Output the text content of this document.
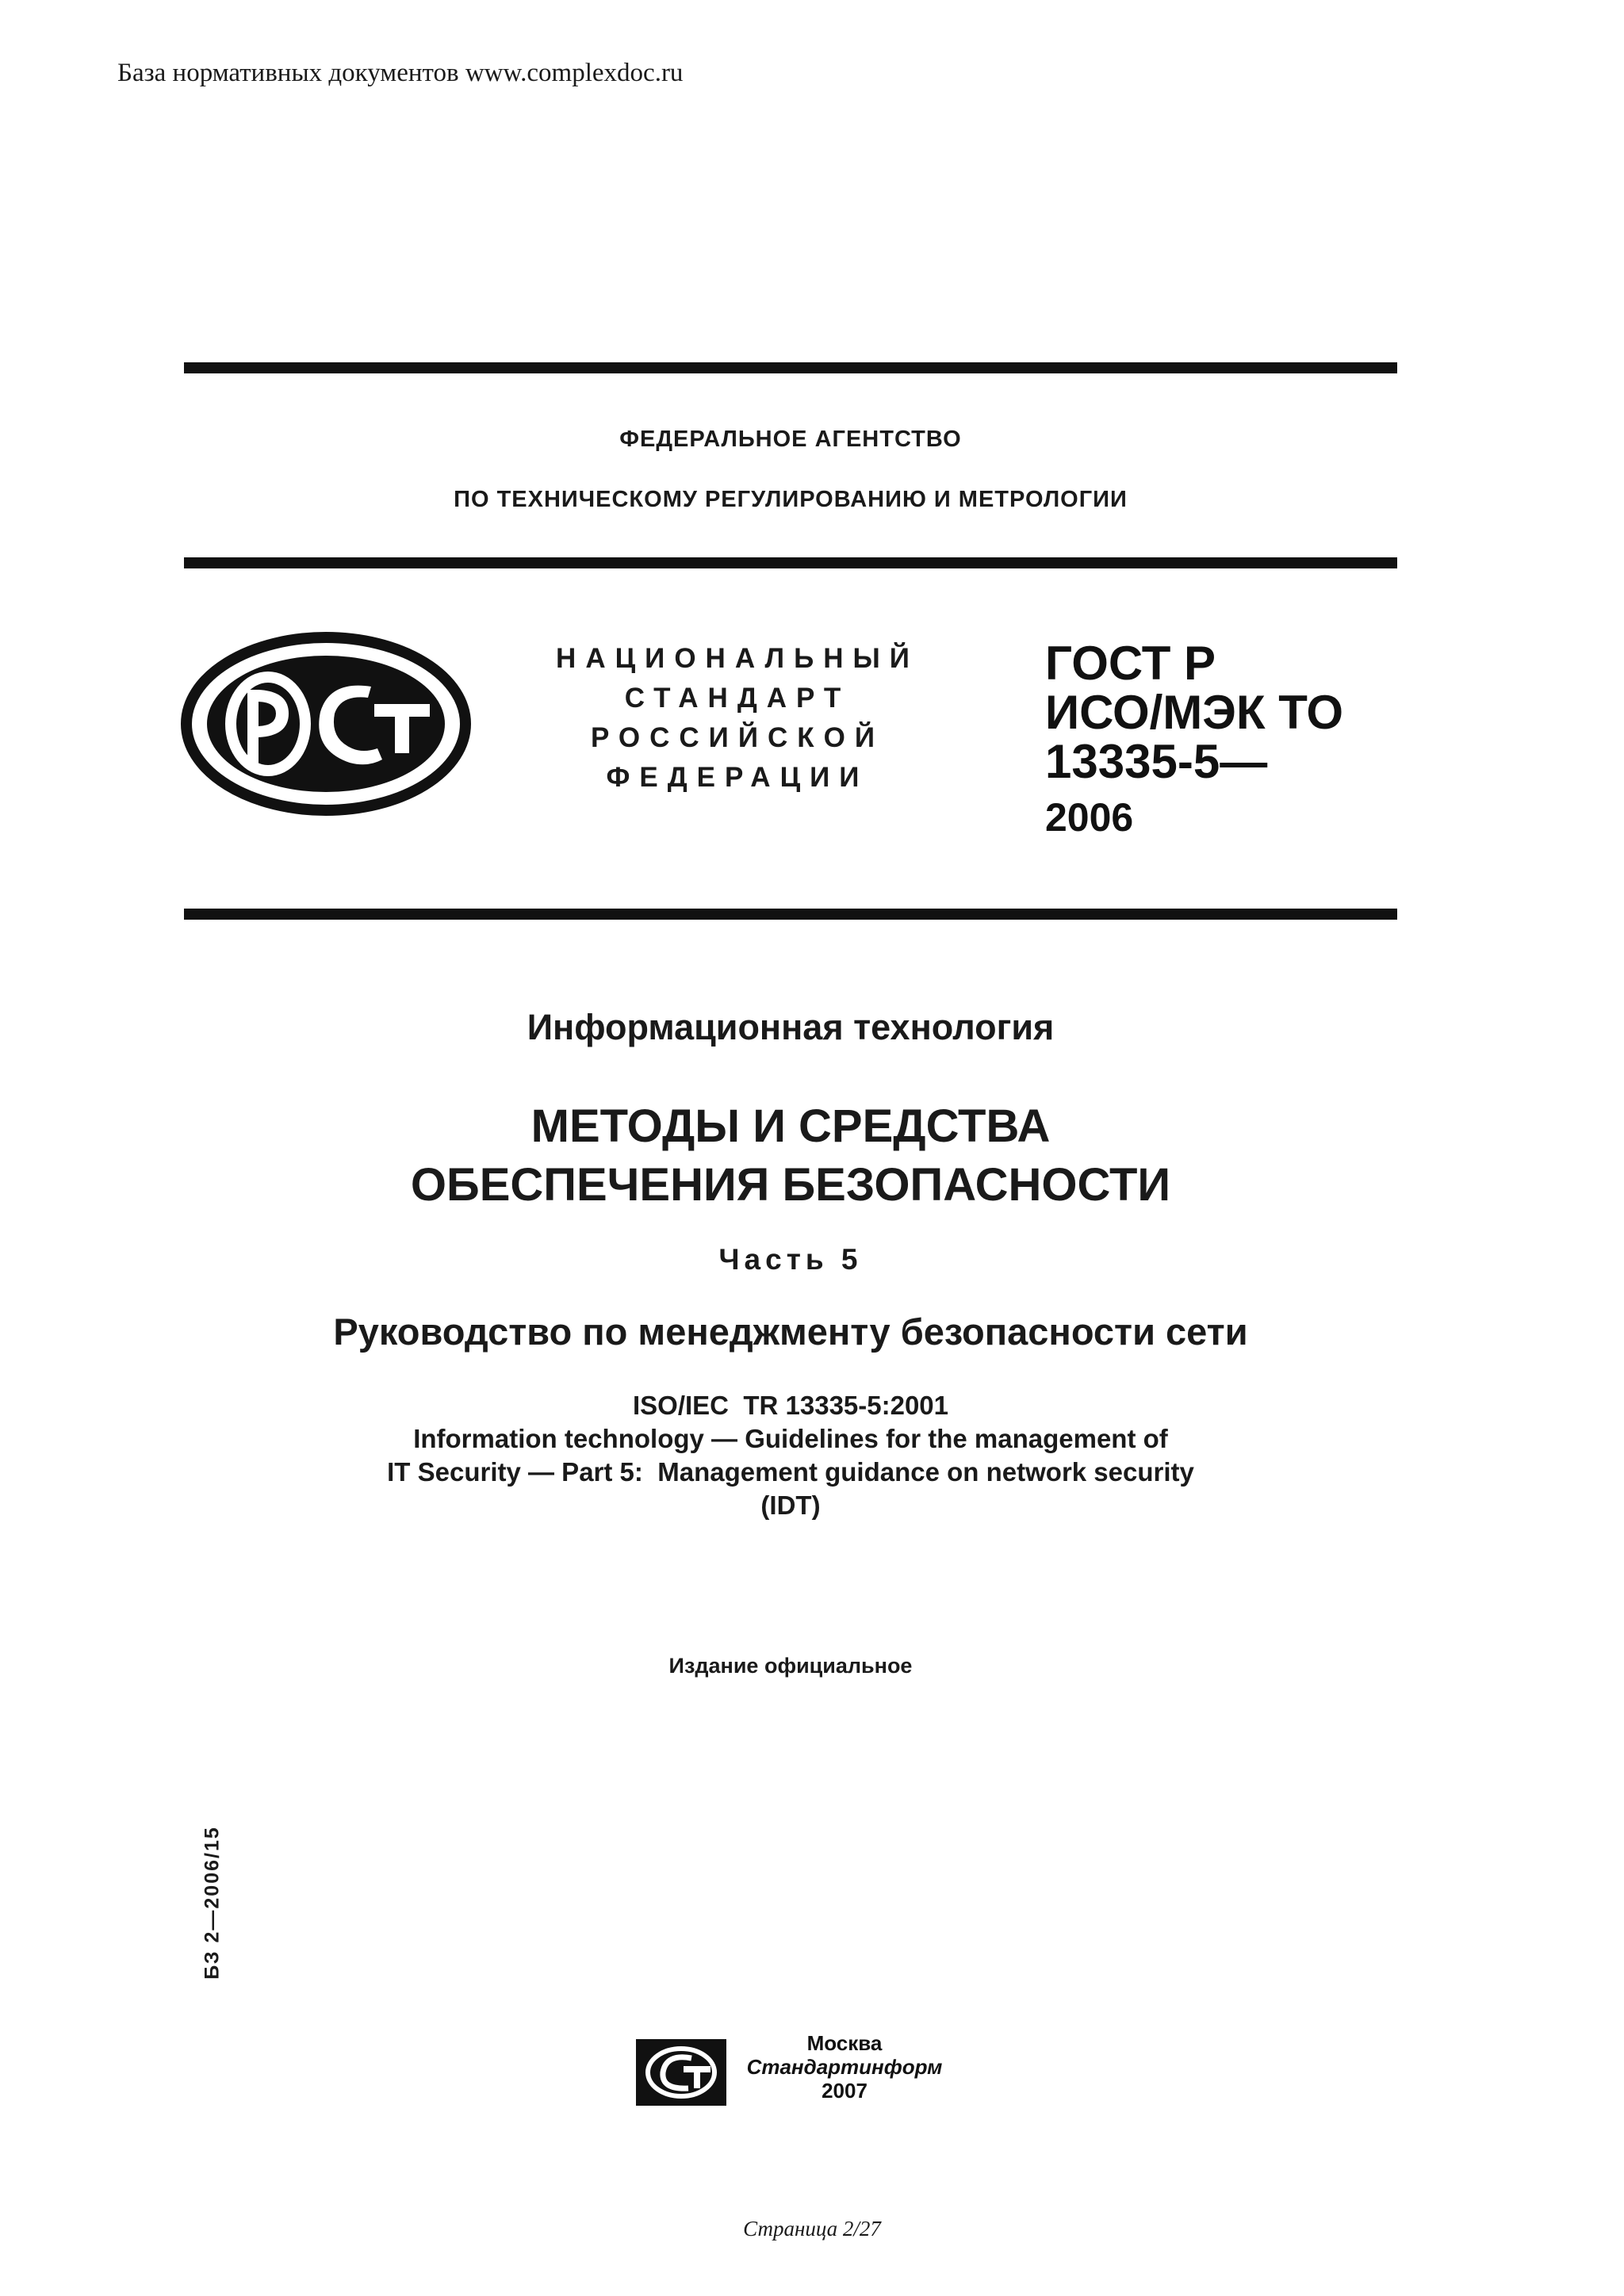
База нормативных документов www.complexdoc.ru
ФЕДЕРАЛЬНОЕ АГЕНТСТВО
ПО ТЕХНИЧЕСКОМУ РЕГУЛИРОВАНИЮ И МЕТРОЛОГИИ
НАЦИОНАЛЬНЫЙ
СТАНДАРТ
РОССИЙСКОЙ
ФЕДЕРАЦИИ
ГОСТ Р
ИСО/МЭК ТО
13335-5—
2006
Информационная технология
МЕТОДЫ И СРЕДСТВА
ОБЕСПЕЧЕНИЯ БЕЗОПАСНОСТИ
Часть 5
Руководство по менеджменту безопасности сети
ISO/IEC  TR 13335-5:2001
Information technology — Guidelines for the management of
IT Security — Part 5:  Management guidance on network security
(IDT)
Издание официальное
БЗ 2—2006/15
Москва
Стандартинформ
2007
Страница 2/27
